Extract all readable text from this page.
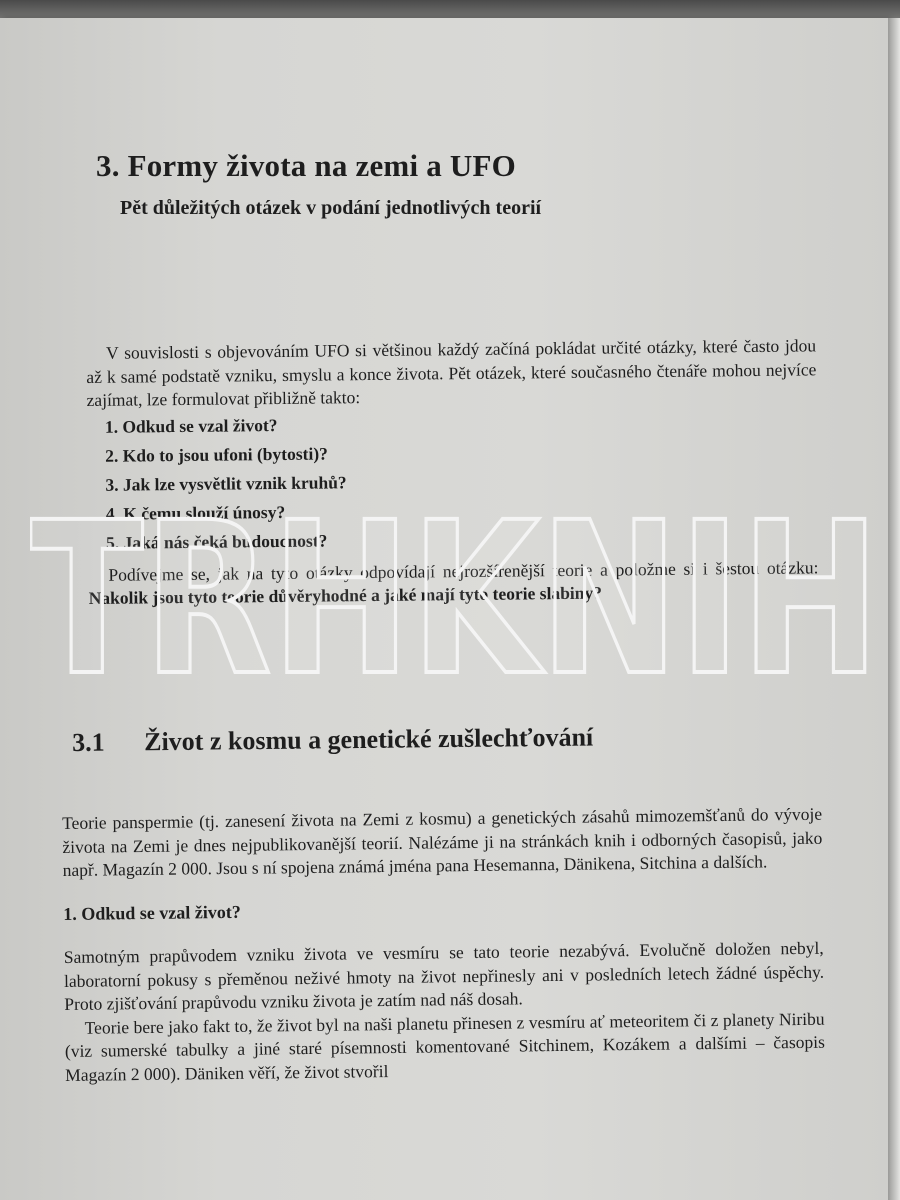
3. Formy života na zemi a UFO
Pět důležitých otázek v podání jednotlivých teorií

V souvislosti s objevováním UFO si většinou každý začíná pokládat určité otázky, které často jdou až k samé podstatě vzniku, smyslu a konce života. Pět otázek, které současného čtenáře mohou nejvíce zajímat, lze formulovat přibližně takto:

1. Odkud se vzal život?
2. Kdo to jsou ufoni (bytosti)?
3. Jak lze vysvětlit vznik kruhů?
4. K čemu slouží únosy?
5. Jaká nás čeká budoucnost?

Podívejme se, jak na tyto otázky odpovídají nejrozšířenější teorie a položme si i šestou otázku: Nakolik jsou tyto teorie důvěryhodné a jaké mají tyto teorie slabiny?

3.1 Život z kosmu a genetické zušlechťování

Teorie panspermie (tj. zanesení života na Zemi z kosmu) a genetických zásahů mimozemšťanů do vývoje života na Zemi je dnes nejpublikovanější teorií. Nalézáme ji na stránkách knih i odborných časopisů, jako např. Magazín 2 000. Jsou s ní spojena známá jména pana Hesemanna, Dänikena, Sitchina a dalších.

1. Odkud se vzal život?

Samotným prapůvodem vzniku života ve vesmíru se tato teorie nezabývá. Evolučně doložen nebyl, laboratorní pokusy s přeměnou neživé hmoty na život nepřinesly ani v posledních letech žádné úspěchy. Proto zjišťování prapůvodu vzniku života je zatím nad náš dosah.

Teorie bere jako fakt to, že život byl na naši planetu přinesen z vesmíru ať meteoritem či z planety Niribu (viz sumerské tabulky a jiné staré písemnosti komentované Sitchinem, Kozákem a dalšími – časopis Magazín 2 000). Däniken věří, že život stvořil
